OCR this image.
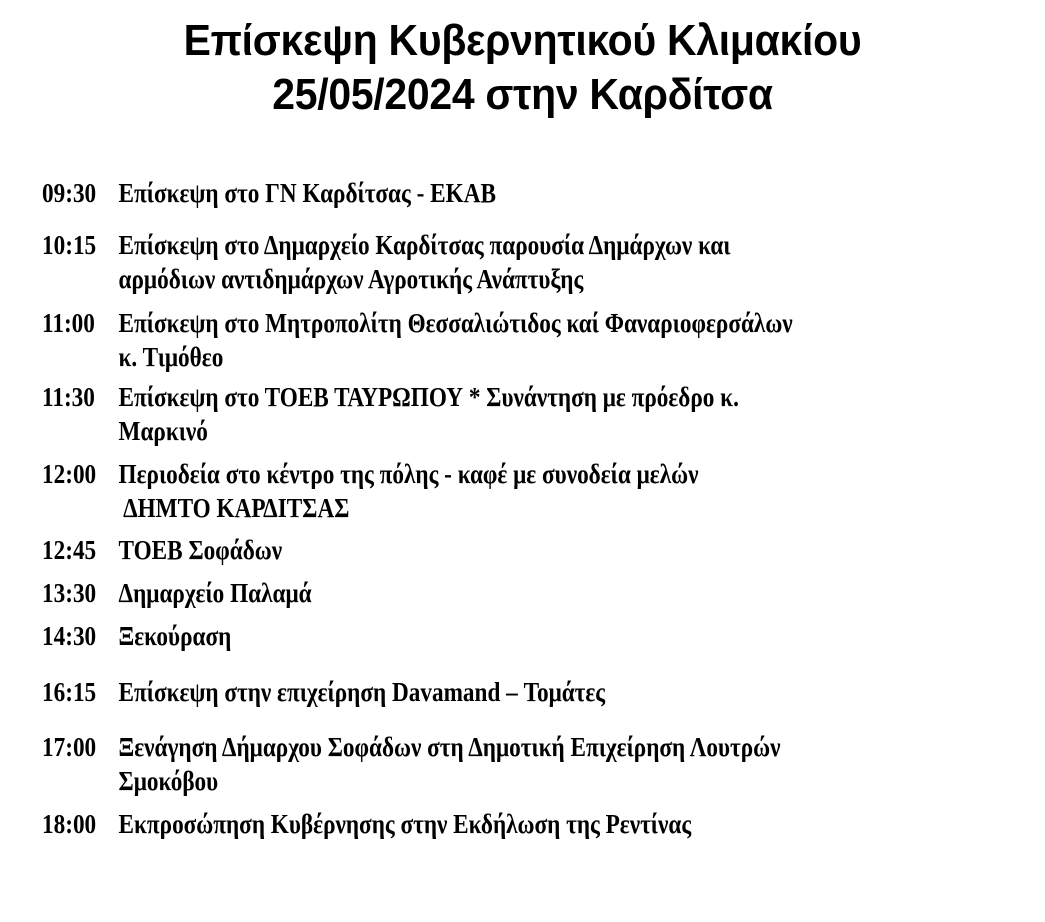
Επίσκεψη Κυβερνητικού Κλιμακίου
25/05/2024 στην Καρδίτσα
09:30 Επίσκεψη στο ΓΝ Καρδίτσας - ΕΚΑΒ
10:15 Επίσκεψη στο Δημαρχείο Καρδίτσας παρουσία Δημάρχων και
αρμόδιων αντιδημάρχων Αγροτικής Ανάπτυξης
11:00 Επίσκεψη στο Μητροπολίτη Θεσσαλιώτιδος καί Φαναριοφερσάλων
κ. Τιμόθεο
11:30 Επίσκεψη στο ΤΟΕΒ ΤΑΥΡΩΠΟΥ * Συνάντηση με πρόεδρο κ.
Μαρκινό
12:00 Περιοδεία στο κέντρο της πόλης - καφέ με συνοδεία μελών
ΔΗΜΤΟ ΚΑΡΔΙΤΣΑΣ
12:45 ΤΟΕΒ Σοφάδων
13:30 Δημαρχείο Παλαμά
14:30 Ξεκούραση
16:15 Επίσκεψη στην επιχείρηση Davamand – Τομάτες
17:00 Ξενάγηση Δήμαρχου Σοφάδων στη Δημοτική Επιχείρηση Λουτρών
Σμοκόβου
18:00 Εκπροσώπηση Κυβέρνησης στην Εκδήλωση της Ρεντίνας
